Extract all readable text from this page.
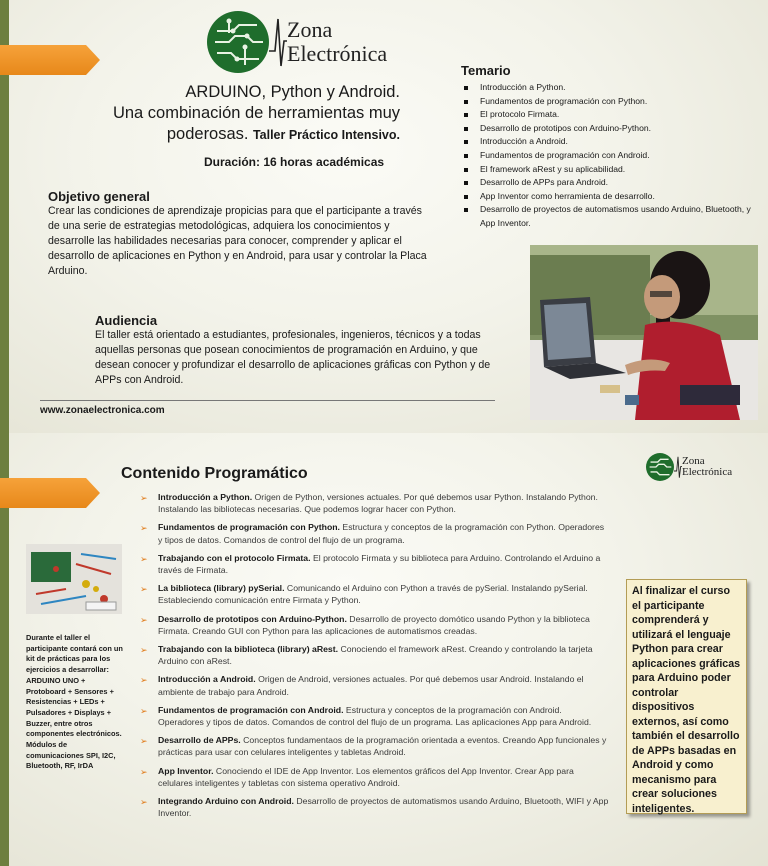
Zona
Electrónica
ARDUINO, Python y Android.
Una combinación de herramientas muy
poderosas. Taller Práctico Intensivo.
Duración: 16 horas académicas
Objetivo general
Crear las condiciones de aprendizaje propicias para que el participante a través de una serie de estrategias metodológicas, adquiera los conocimientos y desarrolle las habilidades necesarias para conocer, comprender y aplicar el desarrollo de aplicaciones en Python y en Android, para usar y controlar la Placa Arduino.
Audiencia
El taller está orientado a estudiantes, profesionales, ingenieros, técnicos y a todas aquellas personas que posean conocimientos de programación en Arduino, y que desean conocer y profundizar el desarrollo de aplicaciones gráficas con Python y de APPs con Android.
www.zonaelectronica.com
Temario
Introducción a Python.
Fundamentos de programación con Python.
El protocolo Firmata.
Desarrollo de prototipos con Arduino-Python.
Introducción a Android.
Fundamentos de programación con Android.
El framework aRest y su aplicabilidad.
Desarrollo de APPs para Android.
App Inventor como herramienta de desarrollo.
Desarrollo de proyectos de automatismos usando Arduino, Bluetooth, y App Inventor.
Zona
Electrónica
Contenido Programático
➢ Introducción a Python. Origen de Python, versiones actuales. Por qué debemos usar Python. Instalando Python. Instalando las bibliotecas necesarias. Que podemos lograr hacer con Python.
➢ Fundamentos de programación con Python. Estructura y conceptos de la programación con Python. Operadores y tipos de datos. Comandos de control del flujo de un programa.
➢ Trabajando con el protocolo Firmata. El protocolo Firmata y su biblioteca para Arduino. Controlando el Arduino a través de Firmata.
➢ La biblioteca (library) pySerial. Comunicando el Arduino con Python a través de pySerial. Instalando pySerial. Estableciendo comunicación entre Firmata y Python.
➢ Desarrollo de prototipos con Arduino-Python. Desarrollo de proyecto domótico usando Python y la biblioteca Firmata. Creando GUI con Python para las aplicaciones de automatismos creadas.
➢ Trabajando con la biblioteca (library) aRest. Conociendo el framework aRest. Creando y controlando la tarjeta Arduino con aRest.
➢ Introducción a Android. Origen de Android, versiones actuales. Por qué debemos usar Android. Instalando el ambiente de trabajo para Android.
➢ Fundamentos de programación con Android. Estructura y conceptos de la programación con Android. Operadores y tipos de datos. Comandos de control del flujo de un programa. Las aplicaciones App para Android.
➢ Desarrollo de APPs. Conceptos fundamentaos de la programación orientada a eventos. Creando App funcionales y prácticas para usar con celulares inteligentes y tabletas Android.
➢ App Inventor. Conociendo el IDE de App Inventor. Los elementos gráficos del App Inventor. Crear App para celulares inteligentes y tabletas con sistema operativo Android.
➢ Integrando Arduino con Android. Desarrollo de proyectos de automatismos usando Arduino, Bluetooth, WIFI y App Inventor.
Durante el taller el participante contará con un kit de prácticas para los ejercicios a desarrollar: ARDUINO UNO + Protoboard + Sensores + Resistencias + LEDs + Pulsadores + Displays + Buzzer, entre otros componentes electrónicos. Módulos de comunicaciones SPI, I2C, Bluetooth, RF, IrDA
Al finalizar el curso el participante comprenderá y utilizará el lenguaje Python para crear aplicaciones gráficas para Arduino poder controlar dispositivos externos, así como también el desarrollo de APPs basadas en Android y como mecanismo para crear soluciones inteligentes.
